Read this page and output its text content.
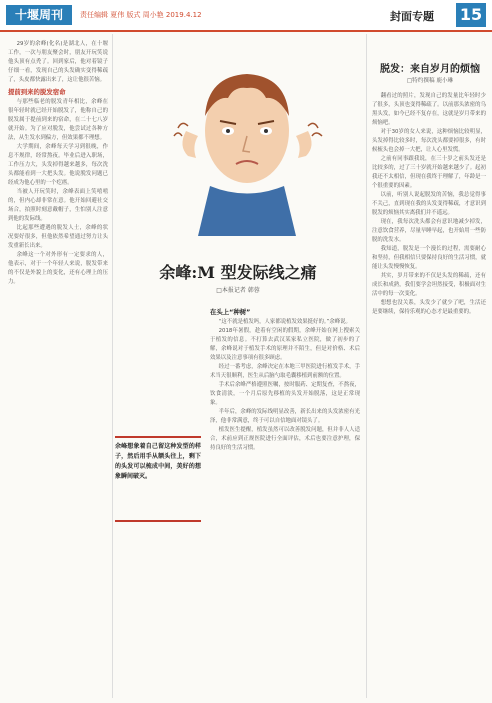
十堰周刊	责任编辑 夏伟 版式 周小艳 2019.4.12	封面专题 15

29岁的余峰(化名)是湖北人，在十堰工作，一次与朋友聚会时，朋友开玩笑说他头顶有点秃了。回到家后，他对着镜子仔细一看，发现自己的头发确实变得稀疏了，头皮都快露出来了，这让他很苦恼。

提前到来的脱发宿命

与那些临老的脱发青年相比，余峰在很年轻时就已经开始脱发了，他称自己的脱发属于提前到来的宿命，在二十七八岁就开始。为了应对脱发，他尝试过各种方法，从生发水到偏方，但效果都不理想。

大学期间，余峰每天学习到很晚，作息不规律，经常熬夜。毕业后进入职场，工作压力大，头发掉得越来越多，每次洗头都能看到一大把头发。他说脱发问题已经成为他心里的一个疙瘩。

当被人开玩笑时，余峰表面上笑嘻嘻的，但内心却非常在意。他开始回避社交场合，拍照时刻意戴帽子，生怕别人注意到他的发际线。

比起那些遭遇的脱发人士，余峰的状况要好很多，但他依然希望通过努力让头发重新长出来。

余峰这一个对外形有一定要求的人，他表示，对于一个年轻人来说，脱发带来的不仅是外貌上的变化，还有心理上的压力。	余峰:M 型发际线之痛
□本报记者 韩蓉
在头上“种树”

“这不就是植发吗，人家都说植发效果挺好的。”余峰说。

2018年暑假，趁着有空闲的假期，余峰开始在网上搜索关于植发的信息。不打算去武汉某家私立医院，做了初步的了解，余峰说对于植发手术的原理并不陌生，但是对价格、术后效果以及注意事项有很多顾虑。

经过一番考虑，余峰决定在本地三甲医院进行植发手术，手术当天很顺利，医生从后脑勺取毛囊移植到前额的位置。

手术后余峰严格遵照医嘱，按时服药、定期复查，不熬夜，饮食清淡，一个月后原先移植的头发开始脱落，这是正常现象。

半年后，余峰的发际线明显改善，新长出来的头发浓密有光泽，他非常满意，终于可以自信地面对镜头了。

植发医生提醒，植发虽然可以改善脱发问题，但并非人人适合，术前应到正规医院进行全面评估，术后也要注意护理，保持良好的生活习惯。

余峰想象着自己留这种发型的样子，然后用手从额头往上，剩下的头发可以梳成中间，美好的想象瞬间破灭。
脱发：来自岁月的烦恼
□特约撰稿 鹿小琳

翻看过的照片，发现自己的发量比年轻时少了很多，头顶也变得稀疏了。以前那头浓密的乌黑头发，如今已经不复存在，这就是岁月带来的烦恼吧。

对于30岁的女人来说，这种烦恼比较明显，头发掉得比较多时，每次洗头都要掉很多，有时候梳头也会掉一大把，让人心里发慌。

之前有同事跟我说，在三十岁之前头发还是比较多的，过了三十岁就开始越来越少了。起初我还不太相信，但现在我终于理解了，年龄是一个很重要的因素。

以前，听别人说起脱发的苦恼，我总觉得事不关己，直到现在我的头发变得稀疏，才意识到脱发的烦恼其实离我们并不遥远。

现在，我每次洗头都会有意识地减少掉发，注意饮食营养，尽量早睡早起，也开始用一些防脱的洗发水。

我知道，脱发是一个漫长的过程，需要耐心和坚持，但我相信只要保持良好的生活习惯，就能让头发慢慢恢复。

其实，岁月带来的不仅是头发的稀疏，还有成长和成熟，我们要学会坦然接受，积极面对生活中的每一次变化。

想想也没关系，头发少了就少了吧，生活还是要继续，保持乐观的心态才是最重要的。
